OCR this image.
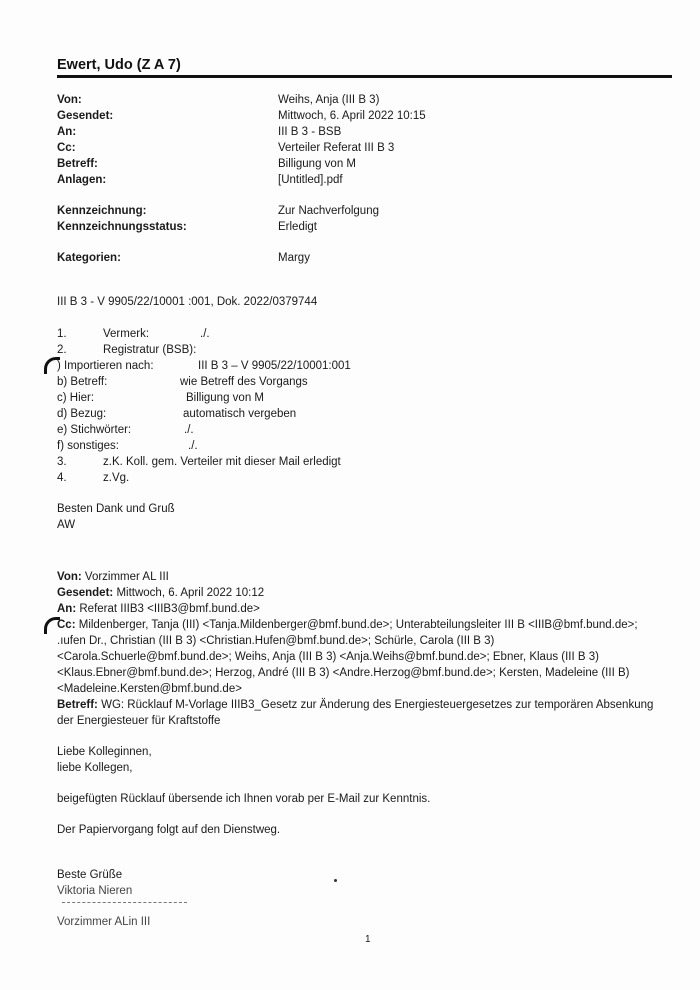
Ewert, Udo (Z A 7)
Von:	Weihs, Anja (III B 3)
Gesendet:	Mittwoch, 6. April 2022 10:15
An:	III B 3 - BSB
Cc:	Verteiler Referat III B 3
Betreff:	Billigung von M
Anlagen:	[Untitled].pdf
Kennzeichnung:	Zur Nachverfolgung
Kennzeichnungsstatus:	Erledigt
Kategorien:	Margy
III B 3 - V 9905/22/10001 :001, Dok. 2022/0379744
1.	Vermerk:	./.
2.	Registratur (BSB):
) Importieren nach:	III B 3 – V 9905/22/10001:001
b) Betreff:	wie Betreff des Vorgangs
c) Hier:	Billigung von M
d) Bezug:	automatisch vergeben
e) Stichwörter:	./.
f) sonstiges:	./.
3.	z.K. Koll. gem. Verteiler mit dieser Mail erledigt
4.	z.Vg.
Besten Dank und Gruß
AW
Von: Vorzimmer AL III
Gesendet: Mittwoch, 6. April 2022 10:12
An: Referat IIIB3 <IIIB3@bmf.bund.de>
Cc: Mildenberger, Tanja (III) <Tanja.Mildenberger@bmf.bund.de>; Unterabteilungsleiter III B <IIIB@bmf.bund.de>;
.ıufen Dr., Christian (III B 3) <Christian.Hufen@bmf.bund.de>; Schürle, Carola (III B 3)
<Carola.Schuerle@bmf.bund.de>; Weihs, Anja (III B 3) <Anja.Weihs@bmf.bund.de>; Ebner, Klaus (III B 3)
<Klaus.Ebner@bmf.bund.de>; Herzog, André (III B 3) <Andre.Herzog@bmf.bund.de>; Kersten, Madeleine (III B)
<Madeleine.Kersten@bmf.bund.de>
Betreff: WG: Rücklauf M-Vorlage IIIB3_Gesetz zur Änderung des Energiesteuergesetzes zur temporären Absenkung
der Energiesteuer für Kraftstoffe
Liebe Kolleginnen,
liebe Kollegen,
beigefügten Rücklauf übersende ich Ihnen vorab per E-Mail zur Kenntnis.
Der Papiervorgang folgt auf den Dienstweg.
Beste Grüße
Viktoria Nieren
Vorzimmer ALin III
1
